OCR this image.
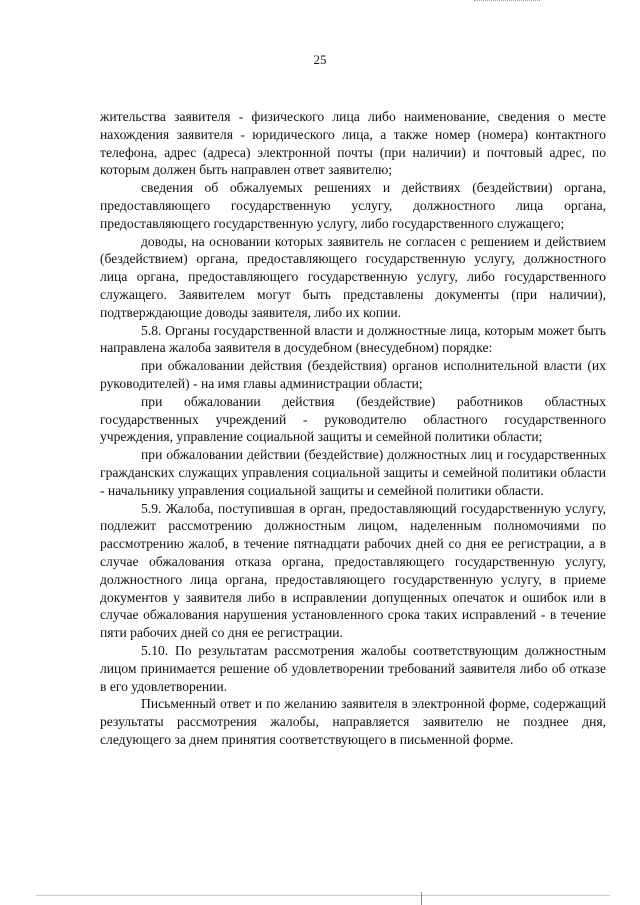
25

жительства заявителя - физического лица либо наименование, сведения о месте нахождения заявителя - юридического лица, а также номер (номера) контактного телефона, адрес (адреса) электронной почты (при наличии) и почтовый адрес, по которым должен быть направлен ответ заявителю;

сведения об обжалуемых решениях и действиях (бездействии) органа, предоставляющего государственную услугу, должностного лица органа, предоставляющего государственную услугу, либо государственного служащего;

доводы, на основании которых заявитель не согласен с решением и действием (бездействием) органа, предоставляющего государственную услугу, должностного лица органа, предоставляющего государственную услугу, либо государственного служащего. Заявителем могут быть представлены документы (при наличии), подтверждающие доводы заявителя, либо их копии.

5.8. Органы государственной власти и должностные лица, которым может быть направлена жалоба заявителя в досудебном (внесудебном) порядке:

при обжаловании действия (бездействия) органов исполнительной власти (их руководителей) - на имя главы администрации области;

при обжаловании действия (бездействие) работников областных государственных учреждений - руководителю областного государственного учреждения, управление социальной защиты и семейной политики области;

при обжаловании действии (бездействие) должностных лиц и государственных гражданских служащих управления социальной защиты и семейной политики области - начальнику управления социальной защиты и семейной политики области.

5.9. Жалоба, поступившая в орган, предоставляющий государственную услугу, подлежит рассмотрению должностным лицом, наделенным полномочиями по рассмотрению жалоб, в течение пятнадцати рабочих дней со дня ее регистрации, а в случае обжалования отказа органа, предоставляющего государственную услугу, должностного лица органа, предоставляющего государственную услугу, в приеме документов у заявителя либо в исправлении допущенных опечаток и ошибок или в случае обжалования нарушения установленного срока таких исправлений - в течение пяти рабочих дней со дня ее регистрации.

5.10. По результатам рассмотрения жалобы соответствующим должностным лицом принимается решение об удовлетворении требований заявителя либо об отказе в его удовлетворении.

Письменный ответ и по желанию заявителя в электронной форме, содержащий результаты рассмотрения жалобы, направляется заявителю не позднее дня, следующего за днем принятия соответствующего в письменной форме.
